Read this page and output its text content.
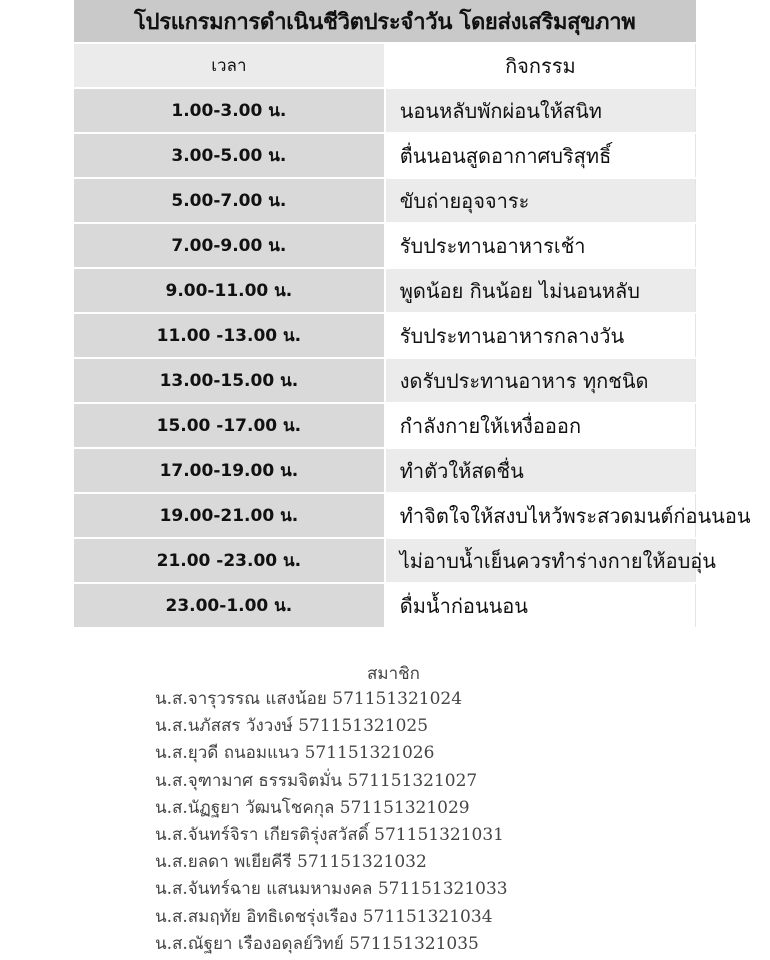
โปรแกรมการดำเนินชีวิตประจำวัน โดยส่งเสริมสุขภาพ	
เวลา	กิจกรรม
1.00-3.00 น.	นอนหลับพักผ่อนให้สนิท
3.00-5.00 น.	ตื่นนอนสูดอากาศบริสุทธิ์
5.00-7.00 น.	ขับถ่ายอุจจาระ
7.00-9.00 น.	รับประทานอาหารเช้า
9.00-11.00 น.	พูดน้อย กินน้อย ไม่นอนหลับ
11.00 -13.00 น.	รับประทานอาหารกลางวัน
13.00-15.00 น.	งดรับประทานอาหาร ทุกชนิด
15.00 -17.00 น.	กำลังกายให้เหงื่อออก
17.00-19.00 น.	ทำตัวให้สดชื่น
19.00-21.00 น.	ทำจิตใจให้สงบไหว้พระสวดมนต์ก่อนนอน
21.00 -23.00 น.	ไม่อาบน้ำเย็นควรทำร่างกายให้อบอุ่น
23.00-1.00 น.	ดื่มน้ำก่อนนอน
สมาชิก
น.ส.จารุวรรณ แสงน้อย 571151321024
น.ส.นภัสสร วังวงษ์ 571151321025
น.ส.ยุวดี ถนอมแนว 571151321026
น.ส.จุฑามาศ ธรรมจิตมั่น 571151321027
น.ส.นัฏฐยา วัฒนโชคกุล 571151321029
น.ส.จันทร์จิรา เกียรติรุ่งสวัสดิ์ 571151321031
น.ส.ยลดา พเยียคีรี 571151321032
น.ส.จันทร์ฉาย แสนมหามงคล 571151321033
น.ส.สมฤทัย อิทธิเดชรุ่งเรือง 571151321034
น.ส.ณัฐยา เรืองอดุลย์วิทย์ 571151321035
